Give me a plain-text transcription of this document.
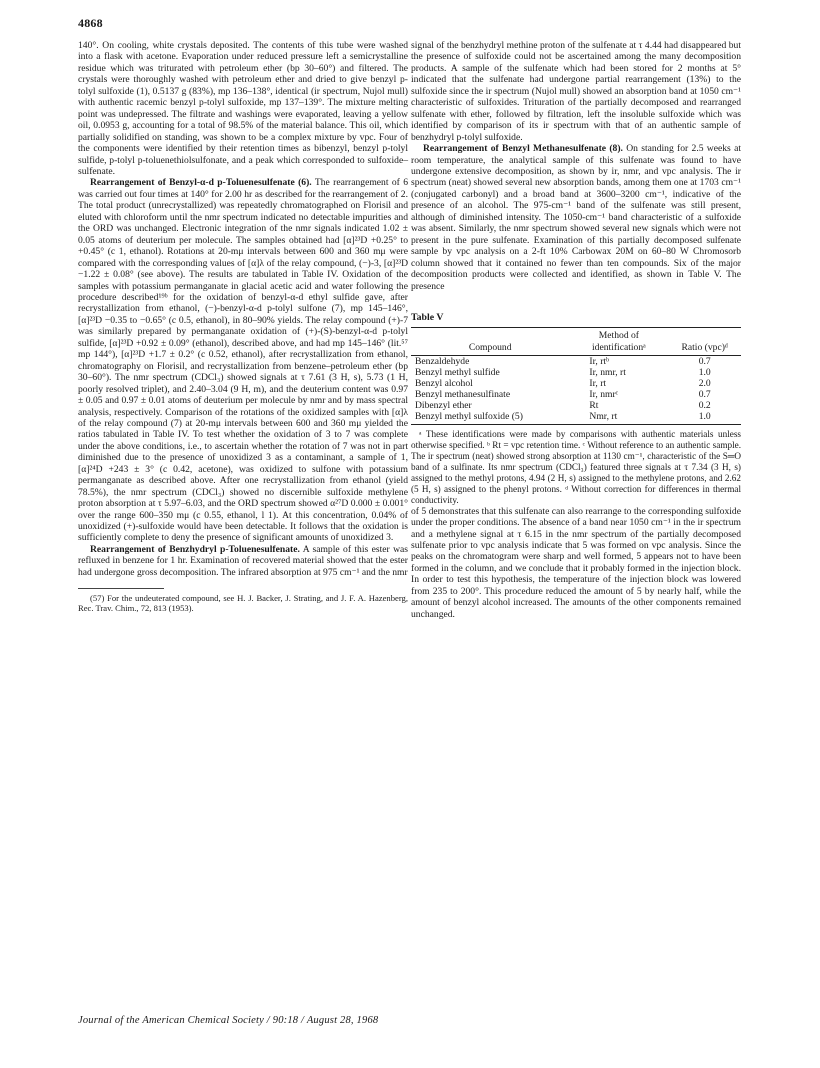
4868

140°. On cooling, white crystals deposited. The contents of this tube were washed into a flask with acetone. Evaporation under reduced pressure left a semicrystalline residue which was triturated with petroleum ether (bp 30–60°) and filtered. The crystals were thoroughly washed with petroleum ether and dried to give benzyl p-tolyl sulfoxide (1), 0.5137 g (83%), mp 136–138°, identical (ir spectrum, Nujol mull) with authentic racemic benzyl p-tolyl sulfoxide, mp 137–139°. The mixture melting point was undepressed. The filtrate and washings were evaporated, leaving a yellow oil, 0.0953 g, accounting for a total of 98.5% of the material balance. This oil, which partially solidified on standing, was shown to be a complex mixture by vpc. Four of the components were identified by their retention times as bibenzyl, benzyl p-tolyl sulfide, p-tolyl p-toluenethiolsulfonate, and a peak which corresponded to sulfoxide–sulfenate.

Rearrangement of Benzyl-α-d p-Toluenesulfenate (6). The rearrangement of 6 was carried out four times at 140° for 2.00 hr as described for the rearrangement of 2. The total product (unrecrystallized) was repeatedly chromatographed on Florisil and eluted with chloroform until the nmr spectrum indicated no detectable impurities and the ORD was unchanged. Electronic integration of the nmr signals indicated 1.02 ± 0.05 atoms of deuterium per molecule. The samples obtained had [α]²³D +0.25° to +0.45° (c 1, ethanol). Rotations at 20-mμ intervals between 600 and 360 mμ were compared with the corresponding values of [α]λ of the relay compound, (−)-3, [α]²³D −1.22 ± 0.08° (see above). The results are tabulated in Table IV. Oxidation of the samples with potassium permanganate in glacial acetic acid and water following the procedure described¹⁹ᵇ for the oxidation of benzyl-α-d ethyl sulfide gave, after recrystallization from ethanol, (−)-benzyl-α-d p-tolyl sulfone (7), mp 145–146°, [α]²³D −0.35 to −0.65° (c 0.5, ethanol), in 80–90% yields. The relay compound (+)-7 was similarly prepared by permanganate oxidation of (+)-(S)-benzyl-α-d p-tolyl sulfide, [α]²³D +0.92 ± 0.09° (ethanol), described above, and had mp 145–146° (lit.⁵⁷ mp 144°), [α]²³D +1.7 ± 0.2° (c 0.52, ethanol), after recrystallization from ethanol, chromatography on Florisil, and recrystallization from benzene–petroleum ether (bp 30–60°). The nmr spectrum (CDCl₃) showed signals at τ 7.61 (3 H, s), 5.73 (1 H, poorly resolved triplet), and 2.40–3.04 (9 H, m), and the deuterium content was 0.97 ± 0.05 and 0.97 ± 0.01 atoms of deuterium per molecule by nmr and by mass spectral analysis, respectively. Comparison of the rotations of the oxidized samples with [α]λ of the relay compound (7) at 20-mμ intervals between 600 and 360 mμ yielded the ratios tabulated in Table IV. To test whether the oxidation of 3 to 7 was complete under the above conditions, i.e., to ascertain whether the rotation of 7 was not in part diminished due to the presence of unoxidized 3 as a contaminant, a sample of 1, [α]²⁴D +243 ± 3° (c 0.42, acetone), was oxidized to sulfone with potassium permanganate as described above. After one recrystallization from ethanol (yield 78.5%), the nmr spectrum (CDCl₃) showed no discernible sulfoxide methylene proton absorption at τ 5.97–6.03, and the ORD spectrum showed α²⁷D 0.000 ± 0.001° over the range 600–350 mμ (c 0.55, ethanol, l 1). At this concentration, 0.04% of unoxidized (+)-sulfoxide would have been detectable. It follows that the oxidation is sufficiently complete to deny the presence of significant amounts of unoxidized 3.

Rearrangement of Benzhydryl p-Toluenesulfenate. A sample of this ester was refluxed in benzene for 1 hr. Examination of recovered material showed that the ester had undergone gross decomposition. The infrared absorption at 975 cm⁻¹ and the nmr

(57) For the undeuterated compound, see H. J. Backer, J. Strating, and J. F. A. Hazenberg, Rec. Trav. Chim., 72, 813 (1953).

signal of the benzhydryl methine proton of the sulfenate at τ 4.44 had disappeared but the presence of sulfoxide could not be ascertained among the many decomposition products. A sample of the sulfenate which had been stored for 2 months at 5° indicated that the sulfenate had undergone partial rearrangement (13%) to the sulfoxide since the ir spectrum (Nujol mull) showed an absorption band at 1050 cm⁻¹ characteristic of sulfoxides. Trituration of the partially decomposed and rearranged sulfenate with ether, followed by filtration, left the insoluble sulfoxide which was identified by comparison of its ir spectrum with that of an authentic sample of benzhydryl p-tolyl sulfoxide.

Rearrangement of Benzyl Methanesulfenate (8). On standing for 2.5 weeks at room temperature, the analytical sample of this sulfenate was found to have undergone extensive decomposition, as shown by ir, nmr, and vpc analysis. The ir spectrum (neat) showed several new absorption bands, among them one at 1703 cm⁻¹ (conjugated carbonyl) and a broad band at 3600–3200 cm⁻¹, indicative of the presence of an alcohol. The 975-cm⁻¹ band of the sulfenate was still present, although of diminished intensity. The 1050-cm⁻¹ band characteristic of a sulfoxide was absent. Similarly, the nmr spectrum showed several new signals which were not present in the pure sulfenate. Examination of this partially decomposed sulfenate sample by vpc analysis on a 2-ft 10% Carbowax 20M on 60–80 W Chromosorb column showed that it contained no fewer than ten compounds. Six of the major decomposition products were collected and identified, as shown in Table V. The presence

Table V
Compound	Method of identificationᵃ	Ratio (vpc)ᵈ
Benzaldehyde	Ir, rtᵇ	0.7
Benzyl methyl sulfide	Ir, nmr, rt	1.0
Benzyl alcohol	Ir, rt	2.0
Benzyl methanesulfinate	Ir, nmrᶜ	0.7
Dibenzyl ether	Rt	0.2
Benzyl methyl sulfoxide (5)	Nmr, rt	1.0

ᵃ These identifications were made by comparisons with authentic materials unless otherwise specified. ᵇ Rt = vpc retention time. ᶜ Without reference to an authentic sample. The ir spectrum (neat) showed strong absorption at 1130 cm⁻¹, characteristic of the S═O band of a sulfinate. Its nmr spectrum (CDCl₃) featured three signals at τ 7.34 (3 H, s) assigned to the methyl protons, 4.94 (2 H, s) assigned to the methylene protons, and 2.62 (5 H, s) assigned to the phenyl protons. ᵈ Without correction for differences in thermal conductivity.

of 5 demonstrates that this sulfenate can also rearrange to the corresponding sulfoxide under the proper conditions. The absence of a band near 1050 cm⁻¹ in the ir spectrum and a methylene signal at τ 6.15 in the nmr spectrum of the partially decomposed sulfenate prior to vpc analysis indicate that 5 was formed on vpc analysis. Since the peaks on the chromatogram were sharp and well formed, 5 appears not to have been formed in the column, and we conclude that it probably formed in the injection block. In order to test this hypothesis, the temperature of the injection block was lowered from 235 to 200°. This procedure reduced the amount of 5 by nearly half, while the amount of benzyl alcohol increased. The amounts of the other components remained unchanged.

Journal of the American Chemical Society / 90:18 / August 28, 1968
